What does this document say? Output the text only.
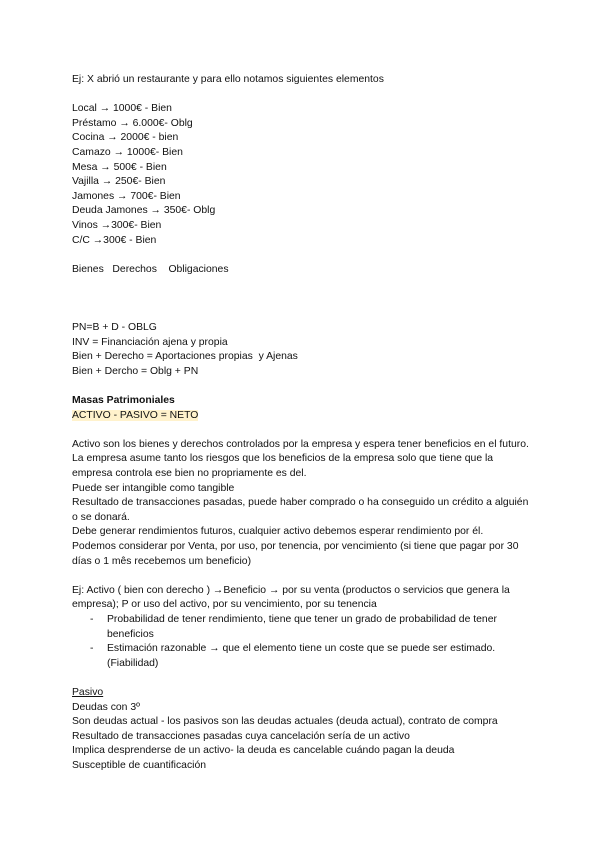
Ej: X abrió un restaurante y para ello notamos siguientes elementos

Local → 1000€ - Bien

Préstamo → 6.000€- Oblg

Cocina → 2000€ - bien

Camazo → 1000€- Bien

Mesa → 500€ - Bien

Vajilla → 250€- Bien

Jamones → 700€- Bien

Deuda Jamones → 350€- Oblg

Vinos →300€- Bien

C/C →300€ - Bien

Bienes   Derechos    Obligaciones

PN=B + D - OBLG

INV = Financiación ajena y propia

Bien + Derecho = Aportaciones propias  y Ajenas

Bien + Dercho = Oblg + PN

Masas Patrimoniales

ACTIVO - PASIVO = NETO

Activo son los bienes y derechos controlados por la empresa y espera tener beneficios en el futuro.

La empresa asume tanto los riesgos que los beneficios de la empresa solo que tiene que la empresa controla ese bien no propriamente es del.

Puede ser intangible como tangible

Resultado de transacciones pasadas, puede haber comprado o ha conseguido un crédito a alguién o se donará.

Debe generar rendimientos futuros, cualquier activo debemos esperar rendimiento por él.

Podemos considerar por Venta, por uso, por tenencia, por vencimiento (si tiene que pagar por 30 días o 1 mês recebemos um beneficio)

Ej: Activo ( bien con derecho ) →Beneficio → por su venta (productos o servicios que genera la empresa); P or uso del activo, por su vencimiento, por su tenencia

- Probabilidad de tener rendimiento, tiene que tener un grado de probabilidad de tener beneficios
- Estimación razonable → que el elemento tiene un coste que se puede ser estimado. (Fiabilidad)

Pasivo

Deudas con 3º

Son deudas actual - los pasivos son las deudas actuales (deuda actual), contrato de compra

Resultado de transacciones pasadas cuya cancelación sería de un activo

Implica desprenderse de un activo- la deuda es cancelable cuándo pagan la deuda

Susceptible de cuantificación
